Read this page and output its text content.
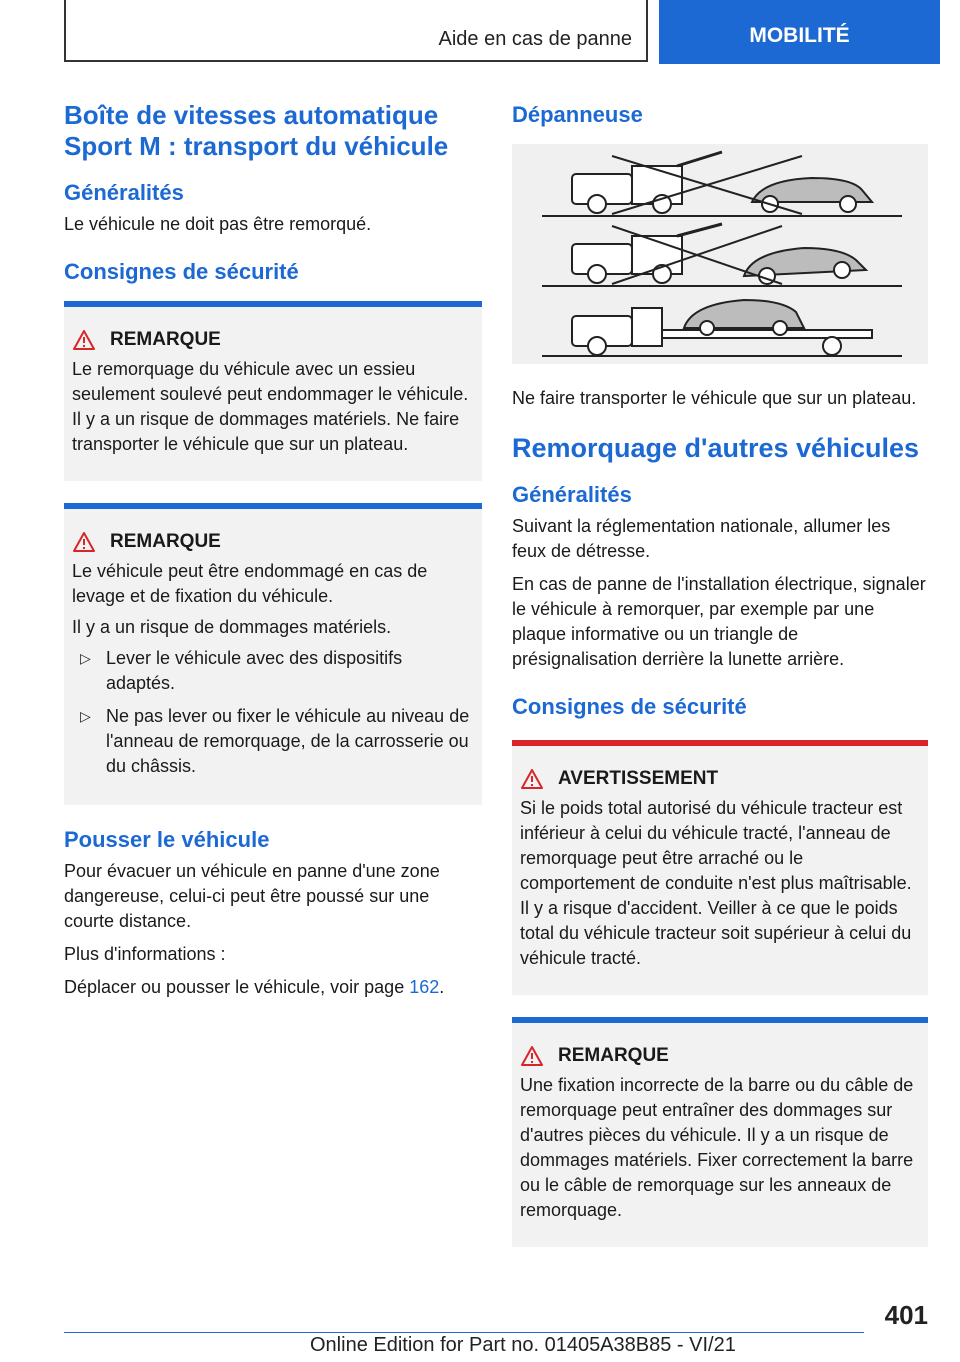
Aide en cas de panne	MOBILITÉ
Boîte de vitesses automatique Sport M : transport du véhicule
Généralités

Le véhicule ne doit pas être remorqué.

Consignes de sécurité
REMARQUE

Le remorquage du véhicule avec un essieu seulement soulevé peut endommager le véhicule. Il y a un risque de dommages matériels. Ne faire transporter le véhicule que sur un plateau.

REMARQUE

Le véhicule peut être endommagé en cas de levage et de fixation du véhicule.

Il y a un risque de dommages matériels.

▷ Lever le véhicule avec des dispositifs adaptés.
▷ Ne pas lever ou fixer le véhicule au niveau de l'anneau de remorquage, de la carrosserie ou du châssis.
Pousser le véhicule

Pour évacuer un véhicule en panne d'une zone dangereuse, celui-ci peut être poussé sur une courte distance.

Plus d'informations :

Déplacer ou pousser le véhicule, voir page 162.

Dépanneuse

Ne faire transporter le véhicule que sur un plateau.

Remorquage d'autres véhicules
Généralités

Suivant la réglementation nationale, allumer les feux de détresse.

En cas de panne de l'installation électrique, signaler le véhicule à remorquer, par exemple par une plaque informative ou un triangle de présignalisation derrière la lunette arrière.

Consignes de sécurité
AVERTISSEMENT

Si le poids total autorisé du véhicule tracteur est inférieur à celui du véhicule tracté, l'anneau de remorquage peut être arraché ou le comportement de conduite n'est plus maîtrisable. Il y a risque d'accident. Veiller à ce que le poids total du véhicule tracteur soit supérieur à celui du véhicule tracté.

REMARQUE

Une fixation incorrecte de la barre ou du câble de remorquage peut entraîner des dommages sur d'autres pièces du véhicule. Il y a un risque de dommages matériels. Fixer correctement la barre ou le câble de remorquage sur les anneaux de remorquage.

401
Online Edition for Part no. 01405A38B85 - VI/21
